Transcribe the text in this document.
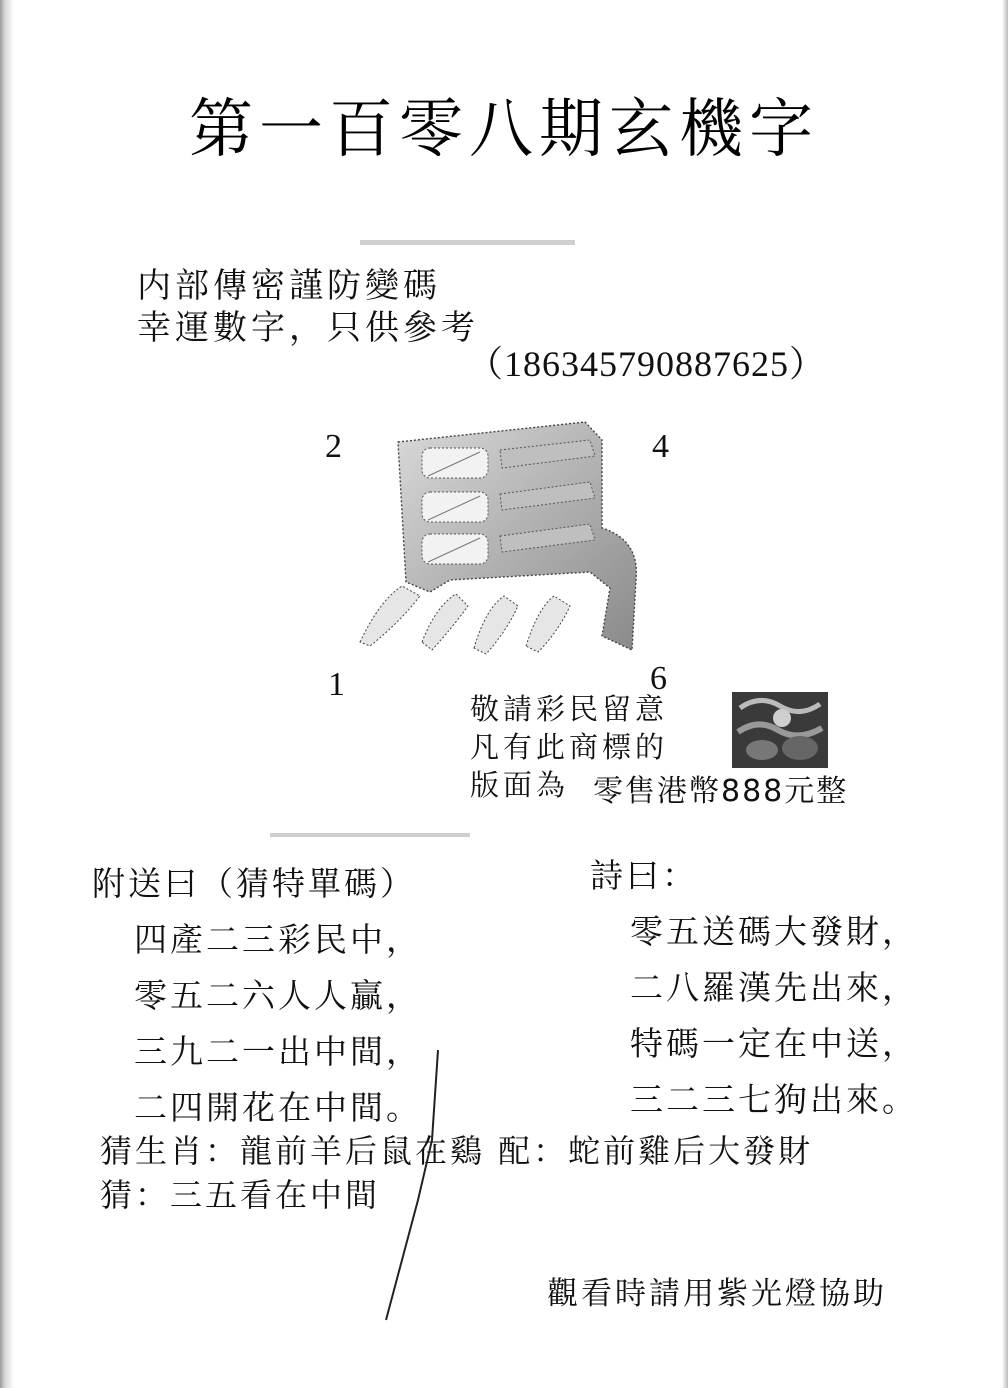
第一百零八期玄機字
内部傳密謹防變碼
幸運數字，只供參考
（186345790887625）
2	4
1	6
敬請彩民留意
凡有此商標的
版面為 零售港幣888元整
附送曰（猜特單碼）
四產二三彩民中，
零五二六人人贏，
三九二一出中間，
二四開花在中間。
詩曰：
零五送碼大發財，
二八羅漢先出來，
特碼一定在中送，
三二三七狗出來。
猜生肖：龍前羊后鼠在鷄 配：蛇前雞后大發財
猜：三五看在中間
觀看時請用紫光燈協助
